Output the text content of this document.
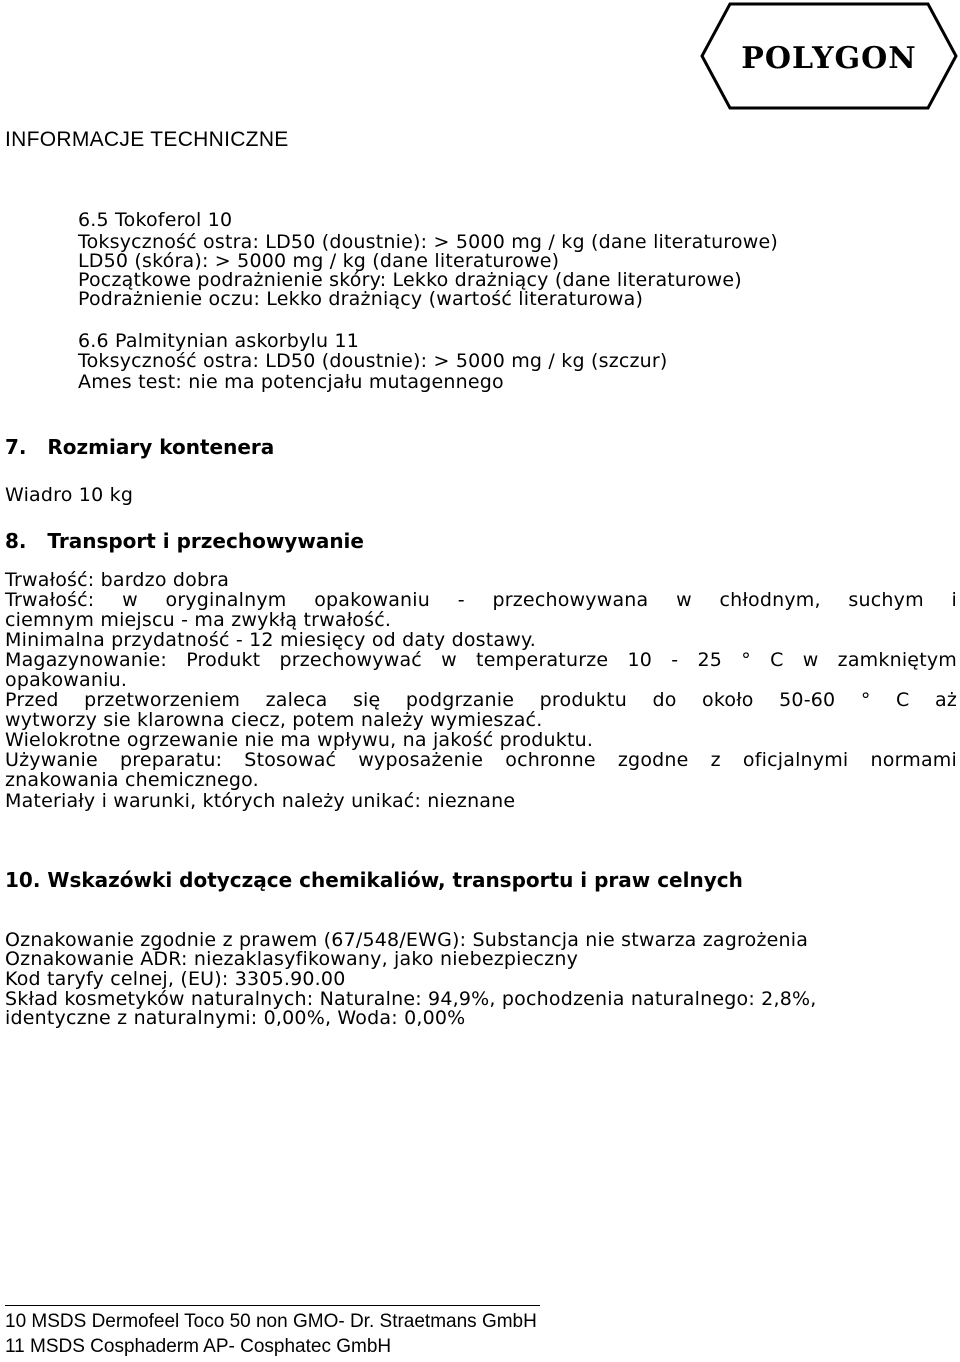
POLYGON
INFORMACJE TECHNICZNE
6.5 Tokoferol 10
Toksyczność ostra: LD50 (doustnie): > 5000 mg / kg (dane literaturowe)
LD50 (skóra): > 5000 mg / kg (dane literaturowe)
Początkowe podrażnienie skóry: Lekko drażniący (dane literaturowe)
Podrażnienie oczu: Lekko drażniący (wartość literaturowa)
6.6 Palmitynian askorbylu 11
Toksyczność ostra: LD50 (doustnie): > 5000 mg / kg (szczur)
Ames test: nie ma potencjału mutagennego
7.   Rozmiary kontenera
Wiadro 10 kg
8.   Transport i przechowywanie
Trwałość: bardzo dobra
Trwałość: w oryginalnym opakowaniu - przechowywana w chłodnym, suchym i
ciemnym miejscu - ma zwykłą trwałość.
Minimalna przydatność - 12 miesięcy od daty dostawy.
Magazynowanie: Produkt przechowywać w temperaturze 10 - 25 ° C w zamkniętym
opakowaniu.
Przed przetworzeniem zaleca się podgrzanie produktu do około 50-60 ° C aż
wytworzy sie klarowna ciecz, potem należy wymieszać.
Wielokrotne ogrzewanie nie ma wpływu, na jakość produktu.
Używanie preparatu: Stosować wyposażenie ochronne zgodne z oficjalnymi normami
znakowania chemicznego.
Materiały i warunki, których należy unikać: nieznane
10. Wskazówki dotyczące chemikaliów, transportu i praw celnych
Oznakowanie zgodnie z prawem (67/548/EWG): Substancja nie stwarza zagrożenia
Oznakowanie ADR: niezaklasyfikowany, jako niebezpieczny
Kod taryfy celnej, (EU): 3305.90.00
Skład kosmetyków naturalnych: Naturalne: 94,9%, pochodzenia naturalnego: 2,8%,
identyczne z naturalnymi: 0,00%, Woda: 0,00%
10 MSDS Dermofeel Toco 50 non GMO- Dr. Straetmans GmbH
11 MSDS Cosphaderm AP- Cosphatec GmbH
